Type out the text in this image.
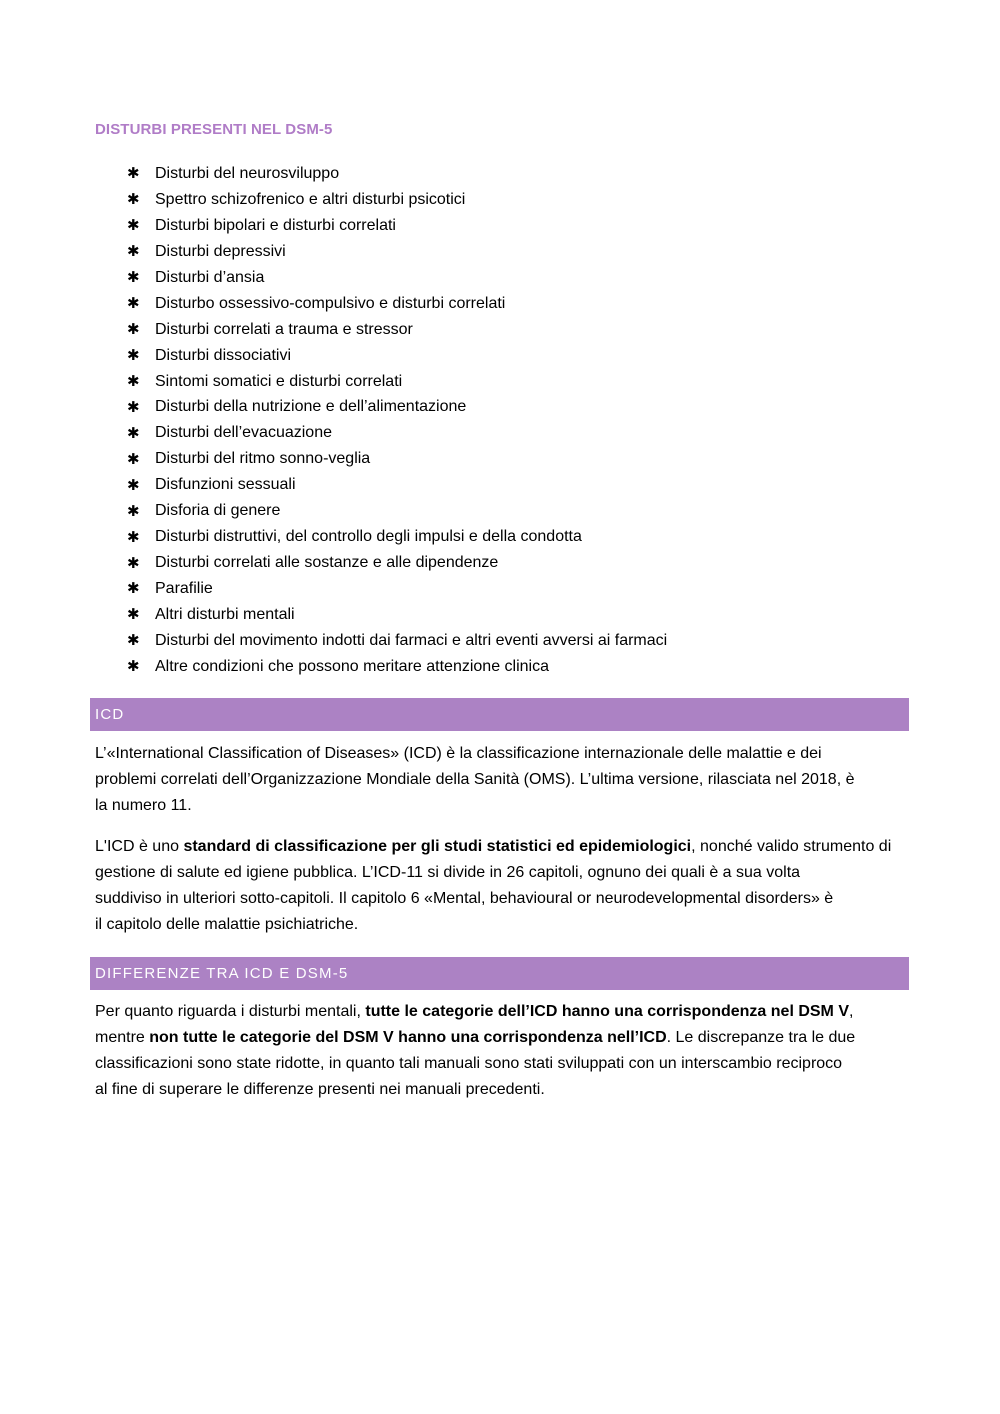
DISTURBI PRESENTI NEL DSM-5
✱ Disturbi del neurosviluppo
✱ Spettro schizofrenico e altri disturbi psicotici
✱ Disturbi bipolari e disturbi correlati
✱ Disturbi depressivi
✱ Disturbi d’ansia
✱ Disturbo ossessivo-compulsivo e disturbi correlati
✱ Disturbi correlati a trauma e stressor
✱ Disturbi dissociativi
✱ Sintomi somatici e disturbi correlati
✱ Disturbi della nutrizione e dell’alimentazione
✱ Disturbi dell’evacuazione
✱ Disturbi del ritmo sonno-veglia
✱ Disfunzioni sessuali
✱ Disforia di genere
✱ Disturbi distruttivi, del controllo degli impulsi e della condotta
✱ Disturbi correlati alle sostanze e alle dipendenze
✱ Parafilie
✱ Altri disturbi mentali
✱ Disturbi del movimento indotti dai farmaci e altri eventi avversi ai farmaci
✱ Altre condizioni che possono meritare attenzione clinica
ICD

L’«International Classification of Diseases» (ICD) è la classificazione internazionale delle malattie e dei
problemi correlati dell’Organizzazione Mondiale della Sanità (OMS). L’ultima versione, rilasciata nel 2018, è
la numero 11.

L'ICD è uno standard di classificazione per gli studi statistici ed epidemiologici, nonché valido strumento di
gestione di salute ed igiene pubblica. L’ICD-11 si divide in 26 capitoli, ognuno dei quali è a sua volta
suddiviso in ulteriori sotto-capitoli. Il capitolo 6 «Mental, behavioural or neurodevelopmental disorders» è
il capitolo delle malattie psichiatriche.

DIFFERENZE TRA ICD E DSM-5

Per quanto riguarda i disturbi mentali, tutte le categorie dell’ICD hanno una corrispondenza nel DSM V,
mentre non tutte le categorie del DSM V hanno una corrispondenza nell’ICD. Le discrepanze tra le due
classificazioni sono state ridotte, in quanto tali manuali sono stati sviluppati con un interscambio reciproco
al fine di superare le differenze presenti nei manuali precedenti.
